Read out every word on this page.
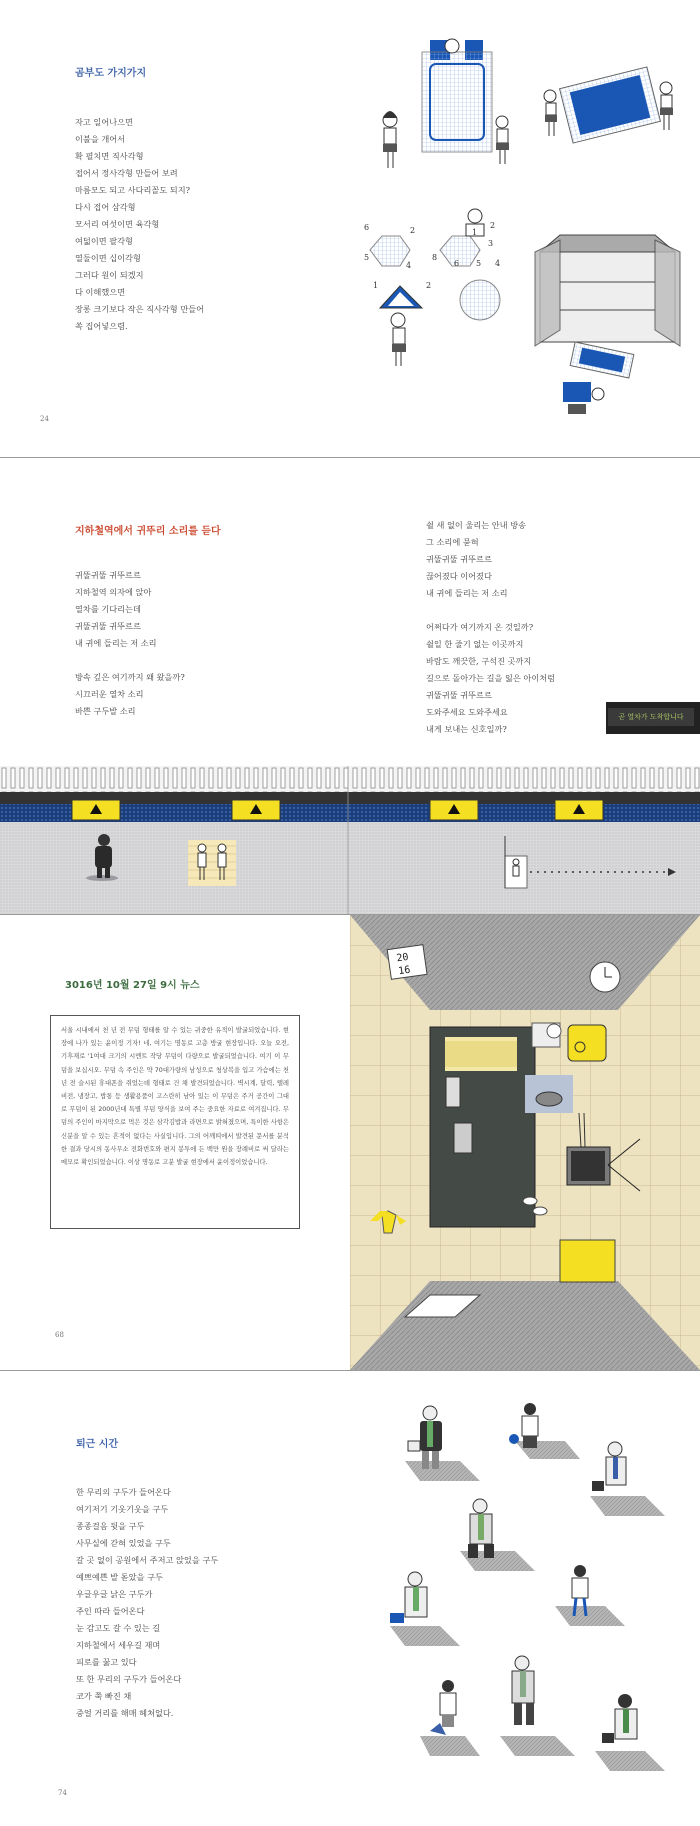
곰부도 가지가지
자고 일어나으면
이불을 개어서
확 펼치면 직사각형
접어서 정사각형 만들어 보려
마름모도 되고 사다리꼴도 되지?
다시 접어 삼각형
모서리 여섯이면 육각형
여덟이면 팔각형
열둘이면 십이각형
그러다 원이 되겠지
다 이해했으면
장롱 크기보다 작은 직사각형 만들어
쏙 집어넣으렴.
24
1
6	2
4
5
2
8
6 5 4
3
1	2
지하철역에서 귀뚜리 소리를 듣다
귀뚤귀뚤 귀뚜르르
지하철역 의자에 앉아
열차를 기다리는데
귀뚤귀뚤 귀뚜르르
내 귀에 들리는 저 소리
방속 깊은 여기까지 왜 왔을까?
시끄러운 열차 소리
바쁜 구두발 소리
쉴 새 없이 울리는 안내 방송
그 소리에 묻혀
귀뚤귀뚤 귀뚜르르
끊어졌다 이어졌다
내 귀에 들리는 저 소리
어쩌다가 여기까지 온 것일까?
쉴일 한 줄기 없는 이곳까지
바람도 깨끗한, 구석진 곳까지
길으로 돌아가는 길을 잃은 아이처럼
귀뚤귀뚤 귀뚜르르
도와주세요 도와주세요
내게 보내는 신호일까?
곧 열차가 도착합니다
3016년 10월 27일 9시 뉴스
68
20
16
서울 시내에서 천 년 전 무덤 형태를 알 수 있는 귀중한 유적이 발굴되었습니다. 현장에 나가 있는 윤이정 기자! 네, 여기는 명동로 고층 방굴 현장입니다. 오늘 오전, 기후재로 '1여대 크기의 시멘트 작당 무덤이 다량으로 발굴되었습니다. 여기 이 무덤을 보십시오. 무덤 속 주인은 약 70대가량의 남성으로 청상복을 입고 가슴에는 천 년 전 슬시된 휴대폰을 쥐었는데 형태로 건 채 발견되었습니다. 벽시계, 달력, 텔레비전, 냉장고, 밥통 등 생활용품이 고스란히 남아 있는 이 무덤은 주거 공간이 그대로 무덤이 된 2000년대 특별 무덤 양식을 보여 주는 중요한 자료로 여겨집니다. 무덤의 주인이 마지막으로 먹은 것은 삼각김밥과 라면으로 밝혀졌으며, 특이한 사항은 신분을 알 수 있는 흔적이 없다는 사실입니다. 그의 어깨띠에서 발견된 문서를 분석한 결과 당시의 동사무소 전화번호와 편지 봉투에 든 백만 원을 장례비로 써 달라는 메모로 확인되었습니다. 이상 명동로 고분 발굴 현장에서 윤이정이었습니다.
퇴근 시간
한 무리의 구두가 들어온다
여기저기 기웃기웃을 구두
종종걸음 뒷을 구두
사무실에 갇혀 있었을 구두
갈 곳 없이 공원에서 주저고 앉었을 구두
예쁘예쁜 발 돋았을 구두
우글우글 낡은 구두가
주인 따라 들어온다
눈 감고도 갈 수 있는 길
지하철에서 세우길 재며
피로를 꿇고 있다
또 한 무리의 구두가 들어온다
코가 쭉 빠진 채
중얼 거리를 해매 헤쳐없다.
74
